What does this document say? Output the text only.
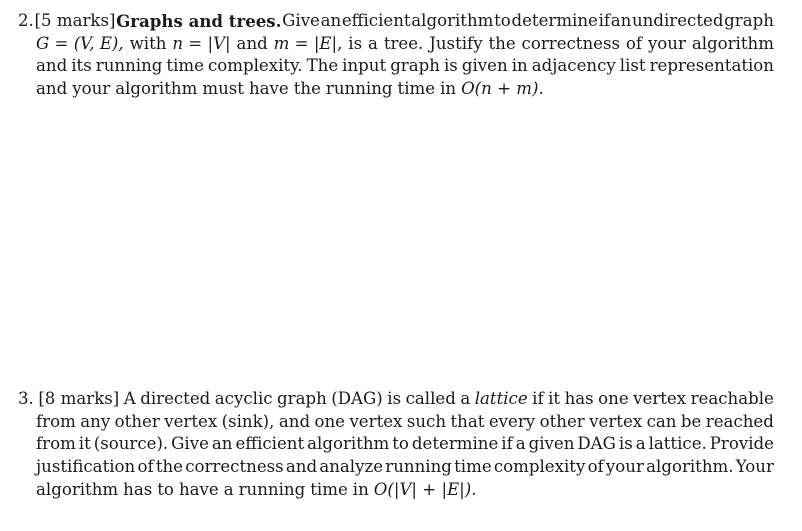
2. [5 marks] Graphs and trees. Give an efficient algorithm to determine if an undirected graph
G = (V, E), with n = |V| and m = |E|, is a tree. Justify the correctness of your algorithm
and its running time complexity. The input graph is given in adjacency list representation
and your algorithm must have the running time in O(n + m).
3. [8 marks] A directed acyclic graph (DAG) is called a lattice if it has one vertex reachable
from any other vertex (sink), and one vertex such that every other vertex can be reached
from it (source). Give an efficient algorithm to determine if a given DAG is a lattice. Provide
justification of the correctness and analyze running time complexity of your algorithm. Your
algorithm has to have a running time in O(|V| + |E|).
